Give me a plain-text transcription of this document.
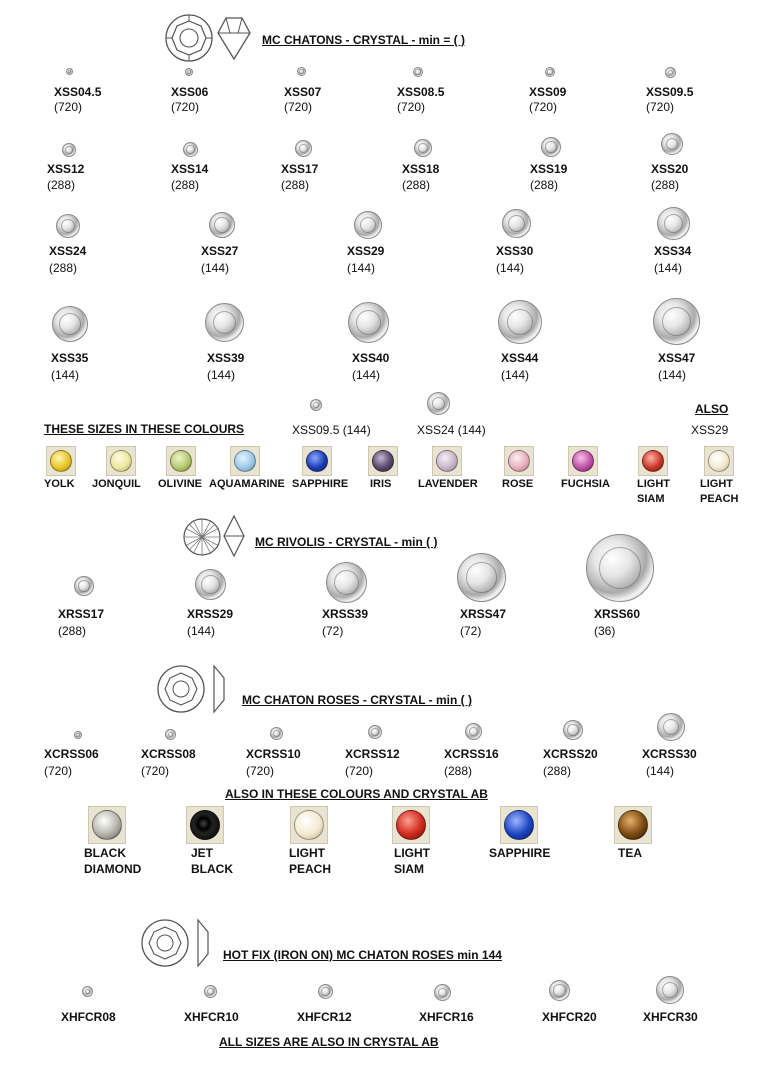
MC CHATONS - CRYSTAL - min = ( )
XSS04.5
(720)
XSS06
(720)
XSS07
(720)
XSS08.5
(720)
XSS09
(720)
XSS09.5
(720)
XSS12
(288)
XSS14
(288)
XSS17
(288)
XSS18
(288)
XSS19
(288)
XSS20
(288)
XSS24
(288)
XSS27
(144)
XSS29
(144)
XSS30
(144)
XSS34
(144)
XSS35
(144)
XSS39
(144)
XSS40
(144)
XSS44
(144)
XSS47
(144)
THESE SIZES IN THESE COLOURS	XSS09.5 (144)	XSS24 (144)
ALSO
XSS29
YOLK JONQUIL OLIVINE AQUAMARINE SAPPHIRE IRIS LAVENDER ROSE	FUCHSIA LIGHT
SIAM
LIGHT
PEACH
MC RIVOLIS - CRYSTAL - min ( )
XRSS17
(288)
XRSS29
(144)
XRSS39
(72)
XRSS47
(72)
XRSS60
(36)
MC CHATON ROSES - CRYSTAL - min ( )
XCRSS06
(720)
XCRSS08
(720)
XCRSS10
(720)
XCRSS12
(720)
XCRSS16
(288)
XCRSS20
(288)
XCRSS30
(144)
ALSO IN THESE COLOURS AND CRYSTAL AB
BLACK
DIAMOND
JET
BLACK
LIGHT
PEACH
LIGHT
SIAM
SAPPHIRE	TEA
HOT FIX (IRON ON) MC CHATON ROSES min 144
XHFCR08	XHFCR10	XHFCR12	XHFCR16	XHFCR20	XHFCR30
ALL SIZES ARE ALSO IN CRYSTAL AB
